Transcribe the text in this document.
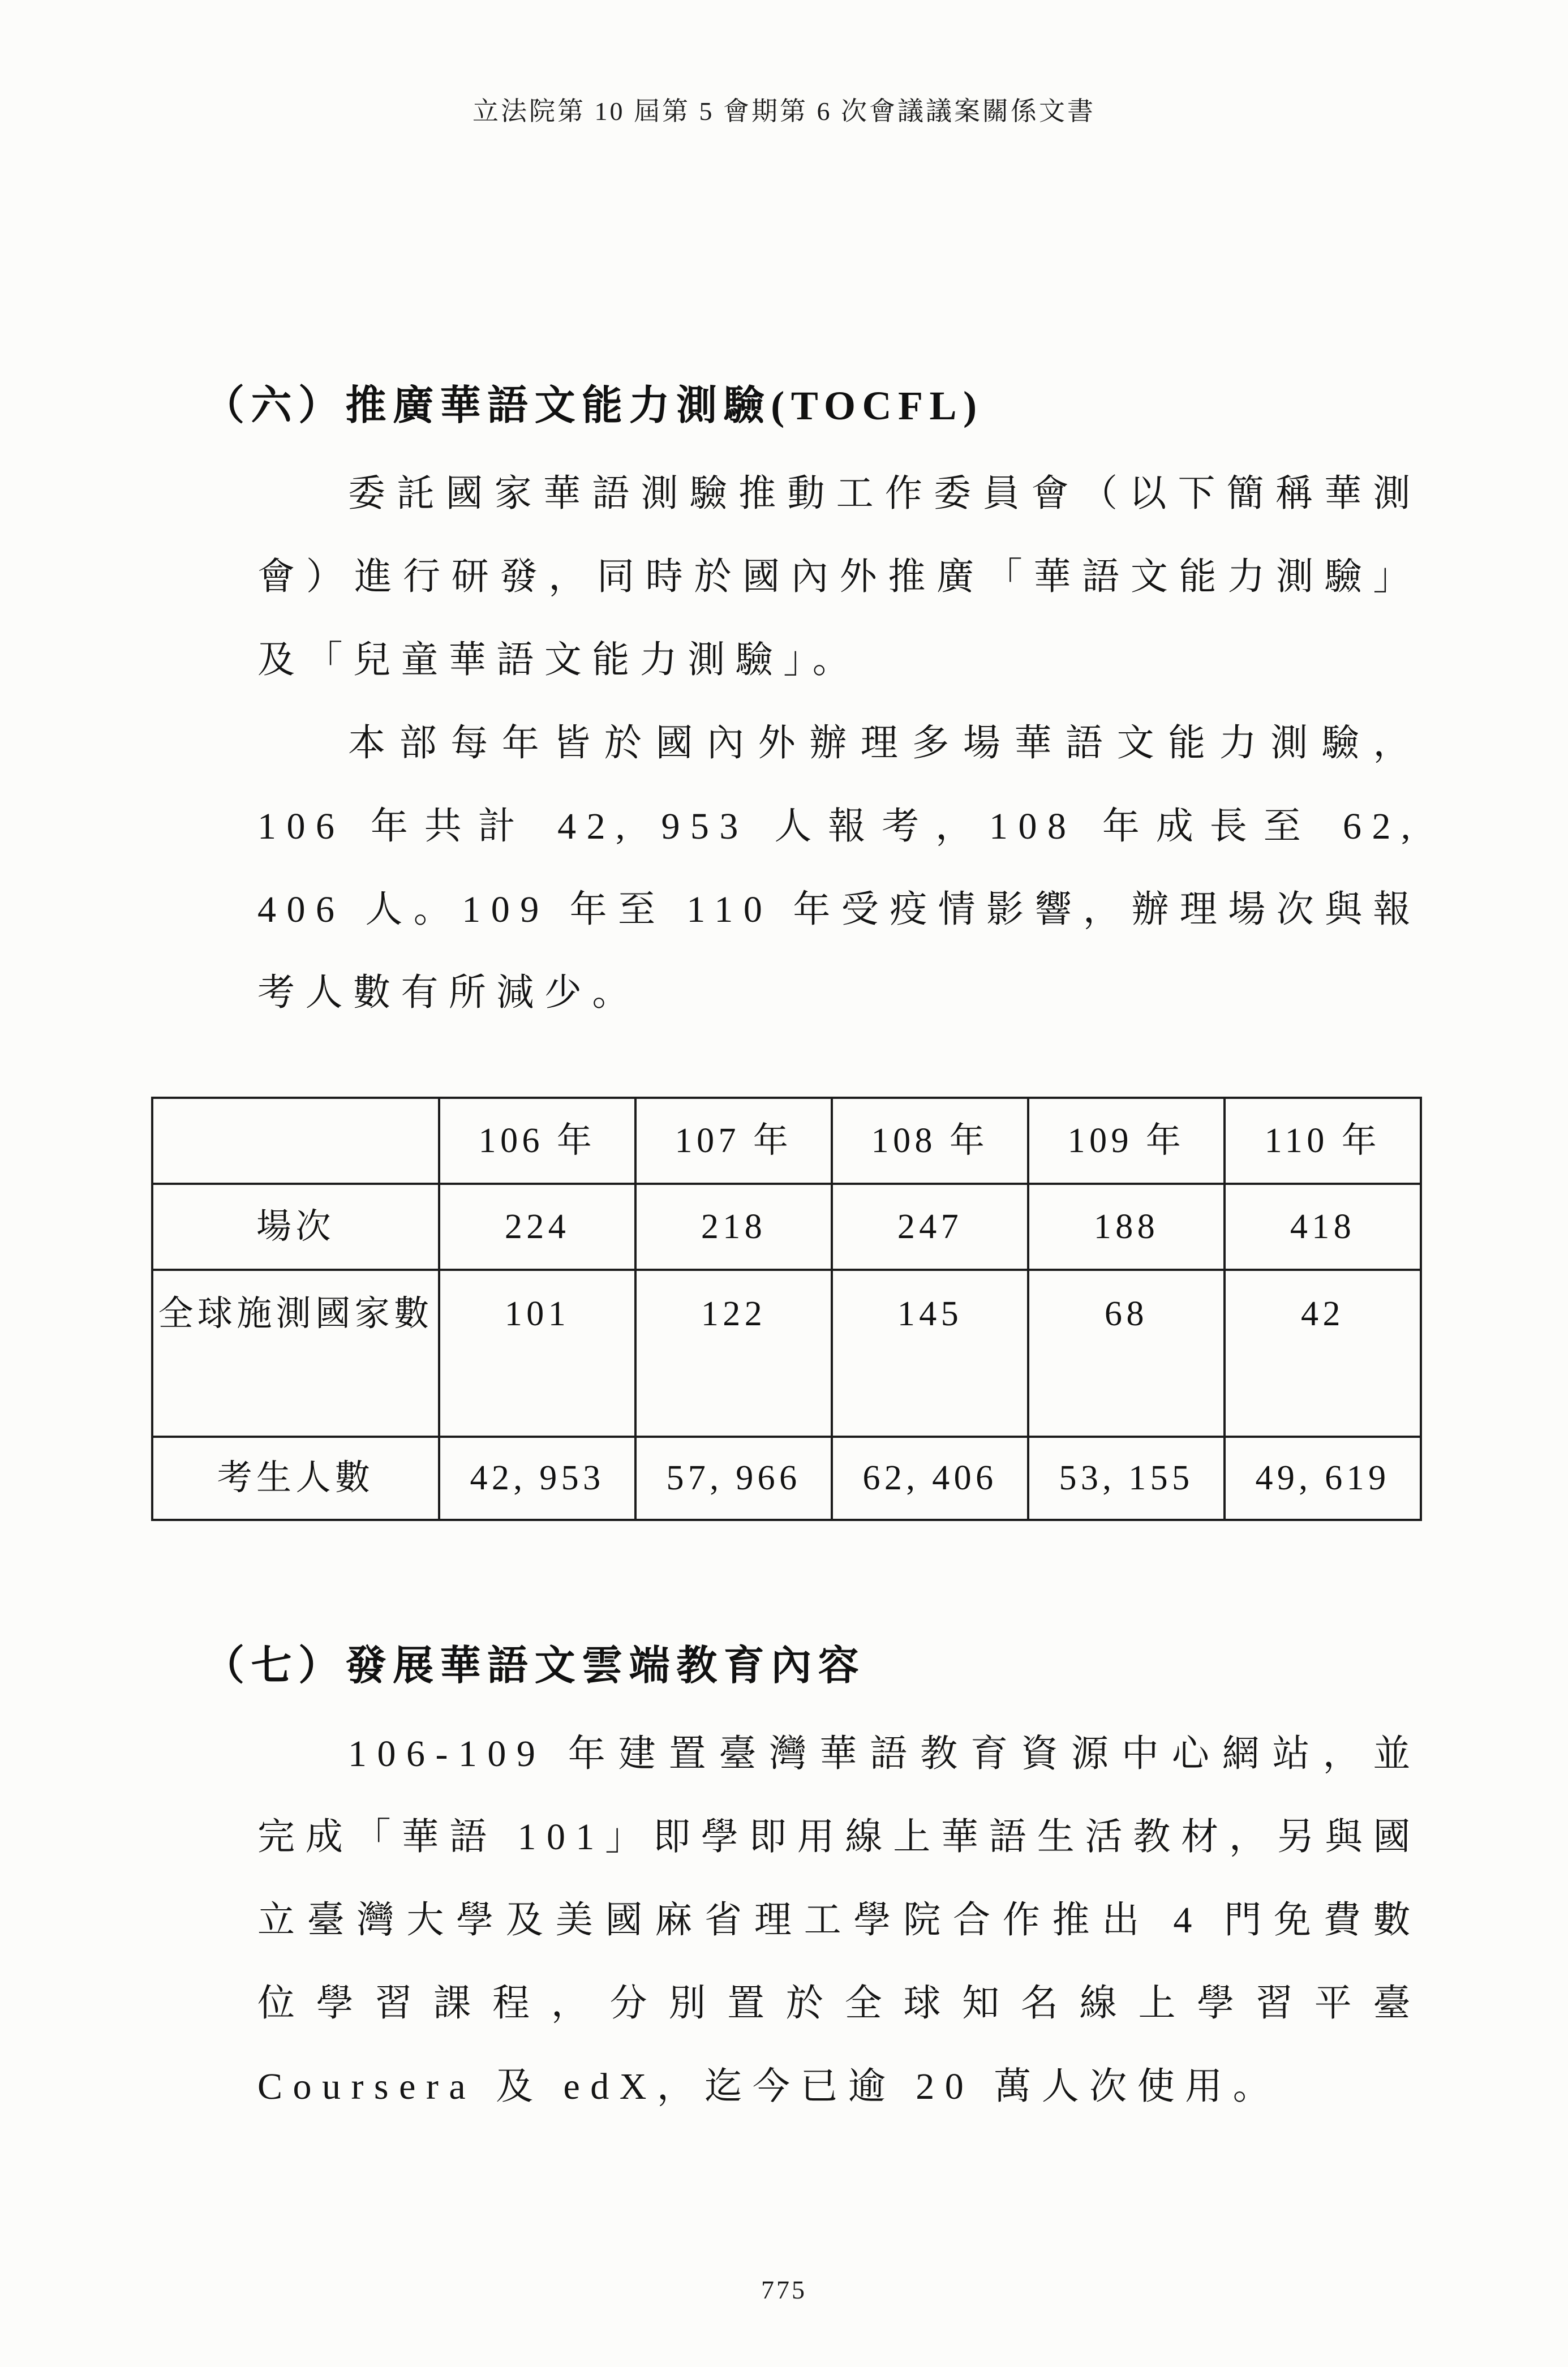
立法院第 10 屆第 5 會期第 6 次會議議案關係文書
（六）推廣華語文能力測驗(TOCFL)

委託國家華語測驗推動工作委員會（以下簡稱華測會）進行研發，同時於國內外推廣「華語文能力測驗」及「兒童華語文能力測驗」。

本部每年皆於國內外辦理多場華語文能力測驗，106 年共計 42, 953 人報考，108 年成長至 62, 406 人。109 年至 110 年受疫情影響，辦理場次與報考人數有所減少。

	106 年	107 年	108 年	109 年	110 年
場次	224	218	247	188	418
全球施測國家數	101	122	145	68	42
考生人數	42, 953	57, 966	62, 406	53, 155	49, 619
（七）發展華語文雲端教育內容

106-109 年建置臺灣華語教育資源中心網站，並完成「華語 101」即學即用線上華語生活教材，另與國立臺灣大學及美國麻省理工學院合作推出 4 門免費數位學習課程，分別置於全球知名線上學習平臺 Coursera 及 edX，迄今已逾 20 萬人次使用。

775
